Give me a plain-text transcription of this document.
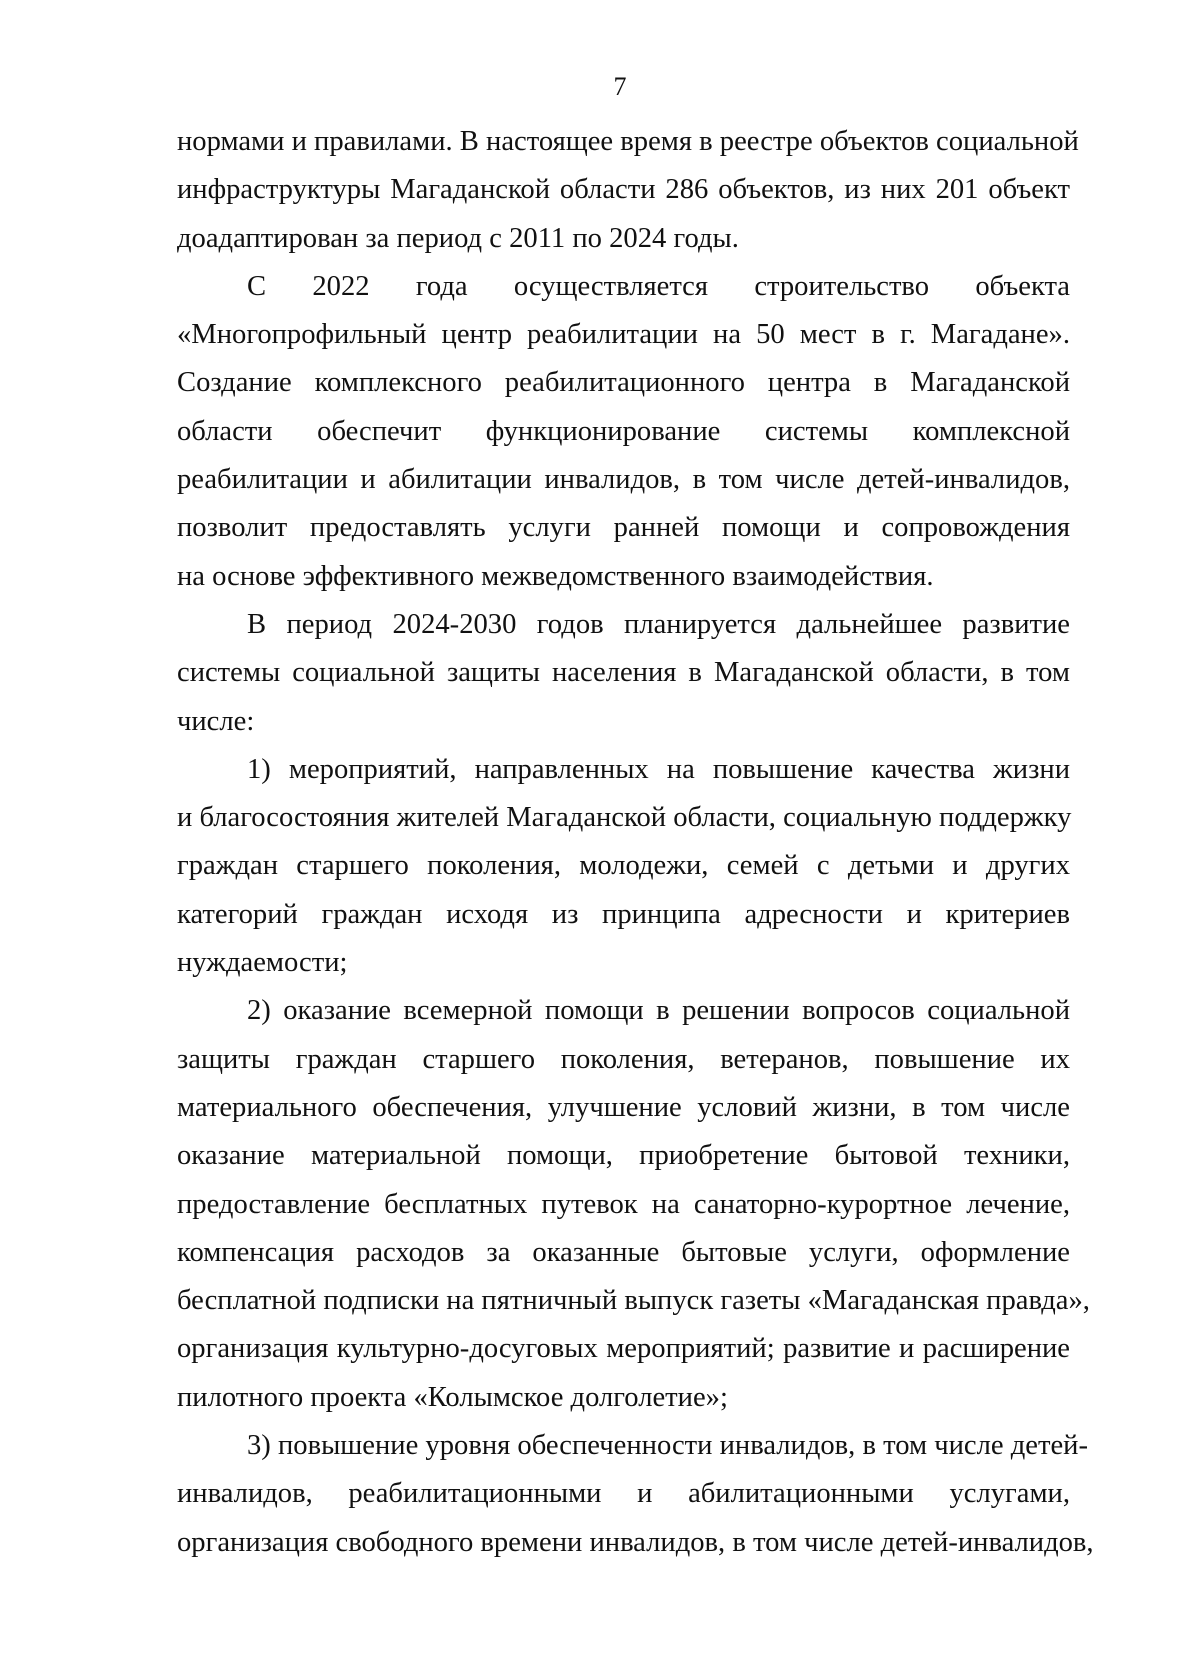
7
нормами и правилами. В настоящее время в реестре объектов социальной
инфраструктуры Магаданской области 286 объектов, из них 201 объект
доадаптирован за период с 2011 по 2024 годы.
С 2022 года осуществляется строительство объекта
«Многопрофильный центр реабилитации на 50 мест в г. Магадане».
Создание комплексного реабилитационного центра в Магаданской
области обеспечит функционирование системы комплексной
реабилитации и абилитации инвалидов, в том числе детей-инвалидов,
позволит предоставлять услуги ранней помощи и сопровождения
на основе эффективного межведомственного взаимодействия.
В период 2024-2030 годов планируется дальнейшее развитие
системы социальной защиты населения в Магаданской области, в том
числе:
1) мероприятий, направленных на повышение качества жизни
и благосостояния жителей Магаданской области, социальную поддержку
граждан старшего поколения, молодежи, семей с детьми и других
категорий граждан исходя из принципа адресности и критериев
нуждаемости;
2) оказание всемерной помощи в решении вопросов социальной
защиты граждан старшего поколения, ветеранов, повышение их
материального обеспечения, улучшение условий жизни, в том числе
оказание материальной помощи, приобретение бытовой техники,
предоставление бесплатных путевок на санаторно-курортное лечение,
компенсация расходов за оказанные бытовые услуги, оформление
бесплатной подписки на пятничный выпуск газеты «Магаданская правда»,
организация культурно-досуговых мероприятий; развитие и расширение
пилотного проекта «Колымское долголетие»;
3) повышение уровня обеспеченности инвалидов, в том числе детей-
инвалидов, реабилитационными и абилитационными услугами,
организация свободного времени инвалидов, в том числе детей-инвалидов,
